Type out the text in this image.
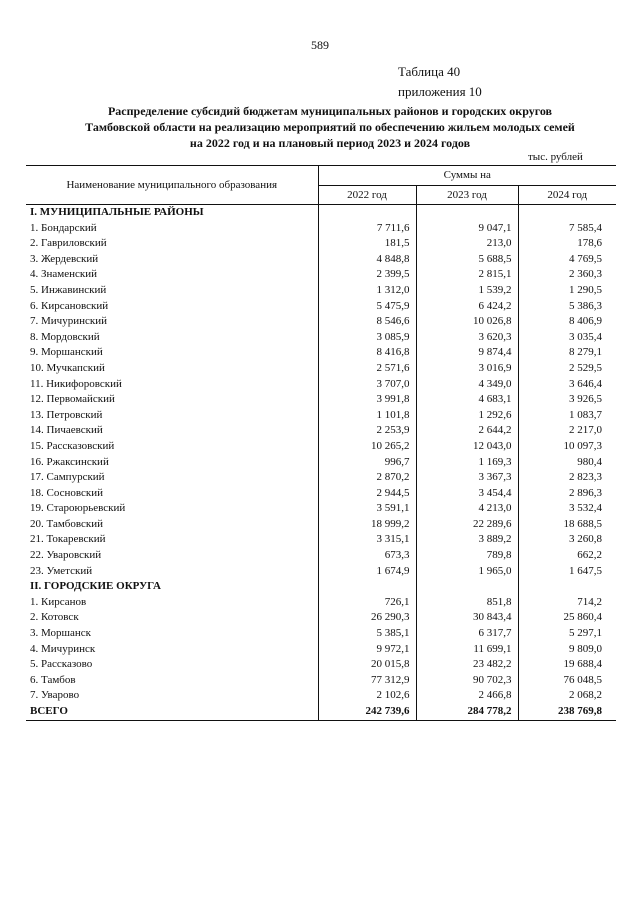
589
Таблица 40
приложения 10
Распределение субсидий бюджетам муниципальных районов и городских округов
Тамбовской области на реализацию мероприятий по обеспечению жильем молодых семей
на 2022 год и на плановый период 2023 и 2024 годов
тыс. рублей
Наименование муниципального образования	Суммы на		
	2022 год	2023 год	2024 год
I. МУНИЦИПАЛЬНЫЕ РАЙОНЫ			
1. Бондарский	7 711,6	9 047,1	7 585,4
2. Гавриловский	181,5	213,0	178,6
3. Жердевский	4 848,8	5 688,5	4 769,5
4. Знаменский	2 399,5	2 815,1	2 360,3
5. Инжавинский	1 312,0	1 539,2	1 290,5
6. Кирсановский	5 475,9	6 424,2	5 386,3
7. Мичуринский	8 546,6	10 026,8	8 406,9
8. Мордовский	3 085,9	3 620,3	3 035,4
9. Моршанский	8 416,8	9 874,4	8 279,1
10. Мучкапский	2 571,6	3 016,9	2 529,5
11. Никифоровский	3 707,0	4 349,0	3 646,4
12. Первомайский	3 991,8	4 683,1	3 926,5
13. Петровский	1 101,8	1 292,6	1 083,7
14. Пичаевский	2 253,9	2 644,2	2 217,0
15. Рассказовский	10 265,2	12 043,0	10 097,3
16. Ржаксинский	996,7	1 169,3	980,4
17. Сампурский	2 870,2	3 367,3	2 823,3
18. Сосновский	2 944,5	3 454,4	2 896,3
19. Староюрьевский	3 591,1	4 213,0	3 532,4
20. Тамбовский	18 999,2	22 289,6	18 688,5
21. Токаревский	3 315,1	3 889,2	3 260,8
22. Уваровский	673,3	789,8	662,2
23. Уметский	1 674,9	1 965,0	1 647,5
II. ГОРОДСКИЕ ОКРУГА			
1. Кирсанов	726,1	851,8	714,2
2. Котовск	26 290,3	30 843,4	25 860,4
3. Моршанск	5 385,1	6 317,7	5 297,1
4. Мичуринск	9 972,1	11 699,1	9 809,0
5. Рассказово	20 015,8	23 482,2	19 688,4
6. Тамбов	77 312,9	90 702,3	76 048,5
7. Уварово	2 102,6	2 466,8	2 068,2
ВСЕГО	242 739,6	284 778,2	238 769,8
